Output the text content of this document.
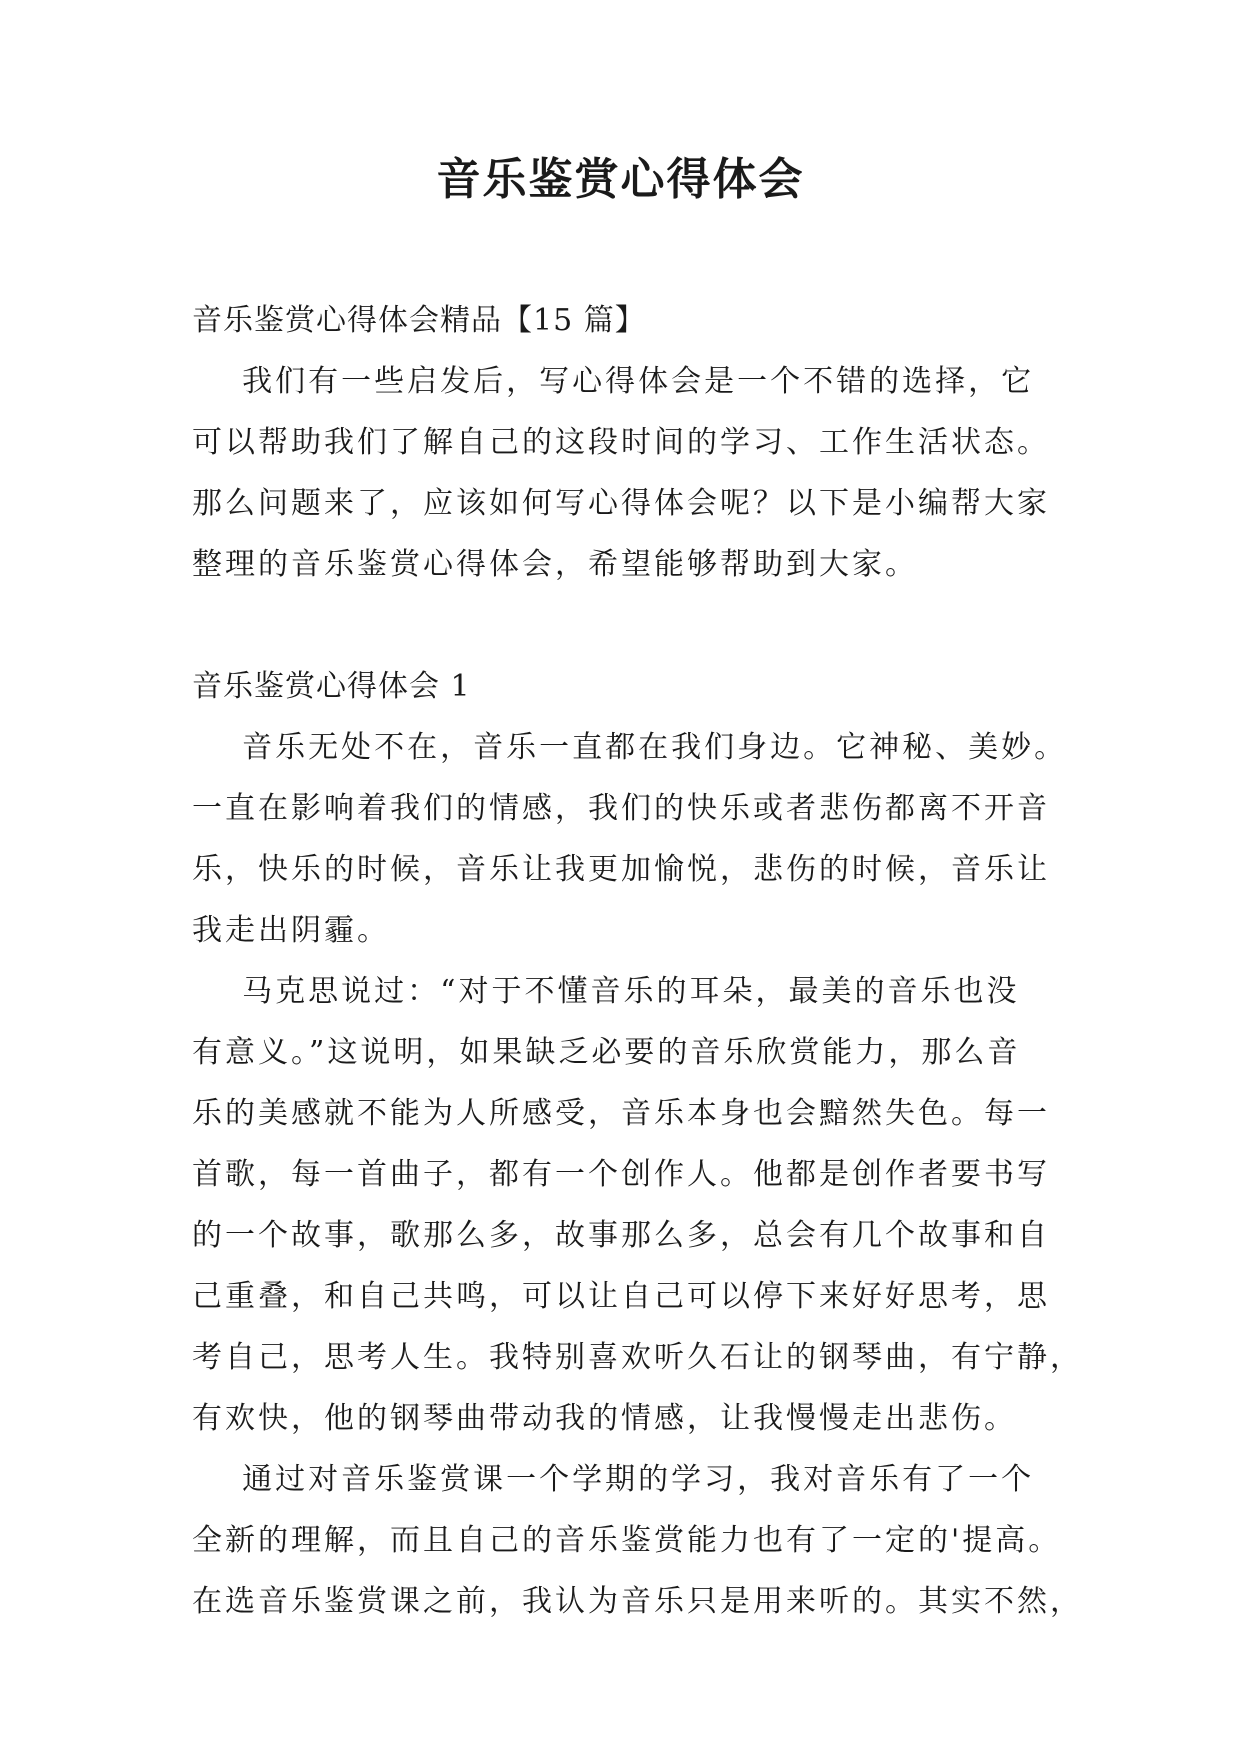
音乐鉴赏心得体会
音乐鉴赏心得体会精品【15 篇】
我们有一些启发后，写心得体会是一个不错的选择，它
可以帮助我们了解自己的这段时间的学习、工作生活状态。
那么问题来了，应该如何写心得体会呢？以下是小编帮大家
整理的音乐鉴赏心得体会，希望能够帮助到大家。
音乐鉴赏心得体会 1
音乐无处不在，音乐一直都在我们身边。它神秘、美妙。
一直在影响着我们的情感，我们的快乐或者悲伤都离不开音
乐，快乐的时候，音乐让我更加愉悦，悲伤的时候，音乐让
我走出阴霾。
马克思说过：“对于不懂音乐的耳朵，最美的音乐也没
有意义。”这说明，如果缺乏必要的音乐欣赏能力，那么音
乐的美感就不能为人所感受，音乐本身也会黯然失色。每一
首歌，每一首曲子，都有一个创作人。他都是创作者要书写
的一个故事，歌那么多，故事那么多，总会有几个故事和自
己重叠，和自己共鸣，可以让自己可以停下来好好思考，思
考自己，思考人生。我特别喜欢听久石让的钢琴曲，有宁静，
有欢快，他的钢琴曲带动我的情感，让我慢慢走出悲伤。
通过对音乐鉴赏课一个学期的学习，我对音乐有了一个
全新的理解，而且自己的音乐鉴赏能力也有了一定的'提高。
在选音乐鉴赏课之前，我认为音乐只是用来听的。其实不然，
